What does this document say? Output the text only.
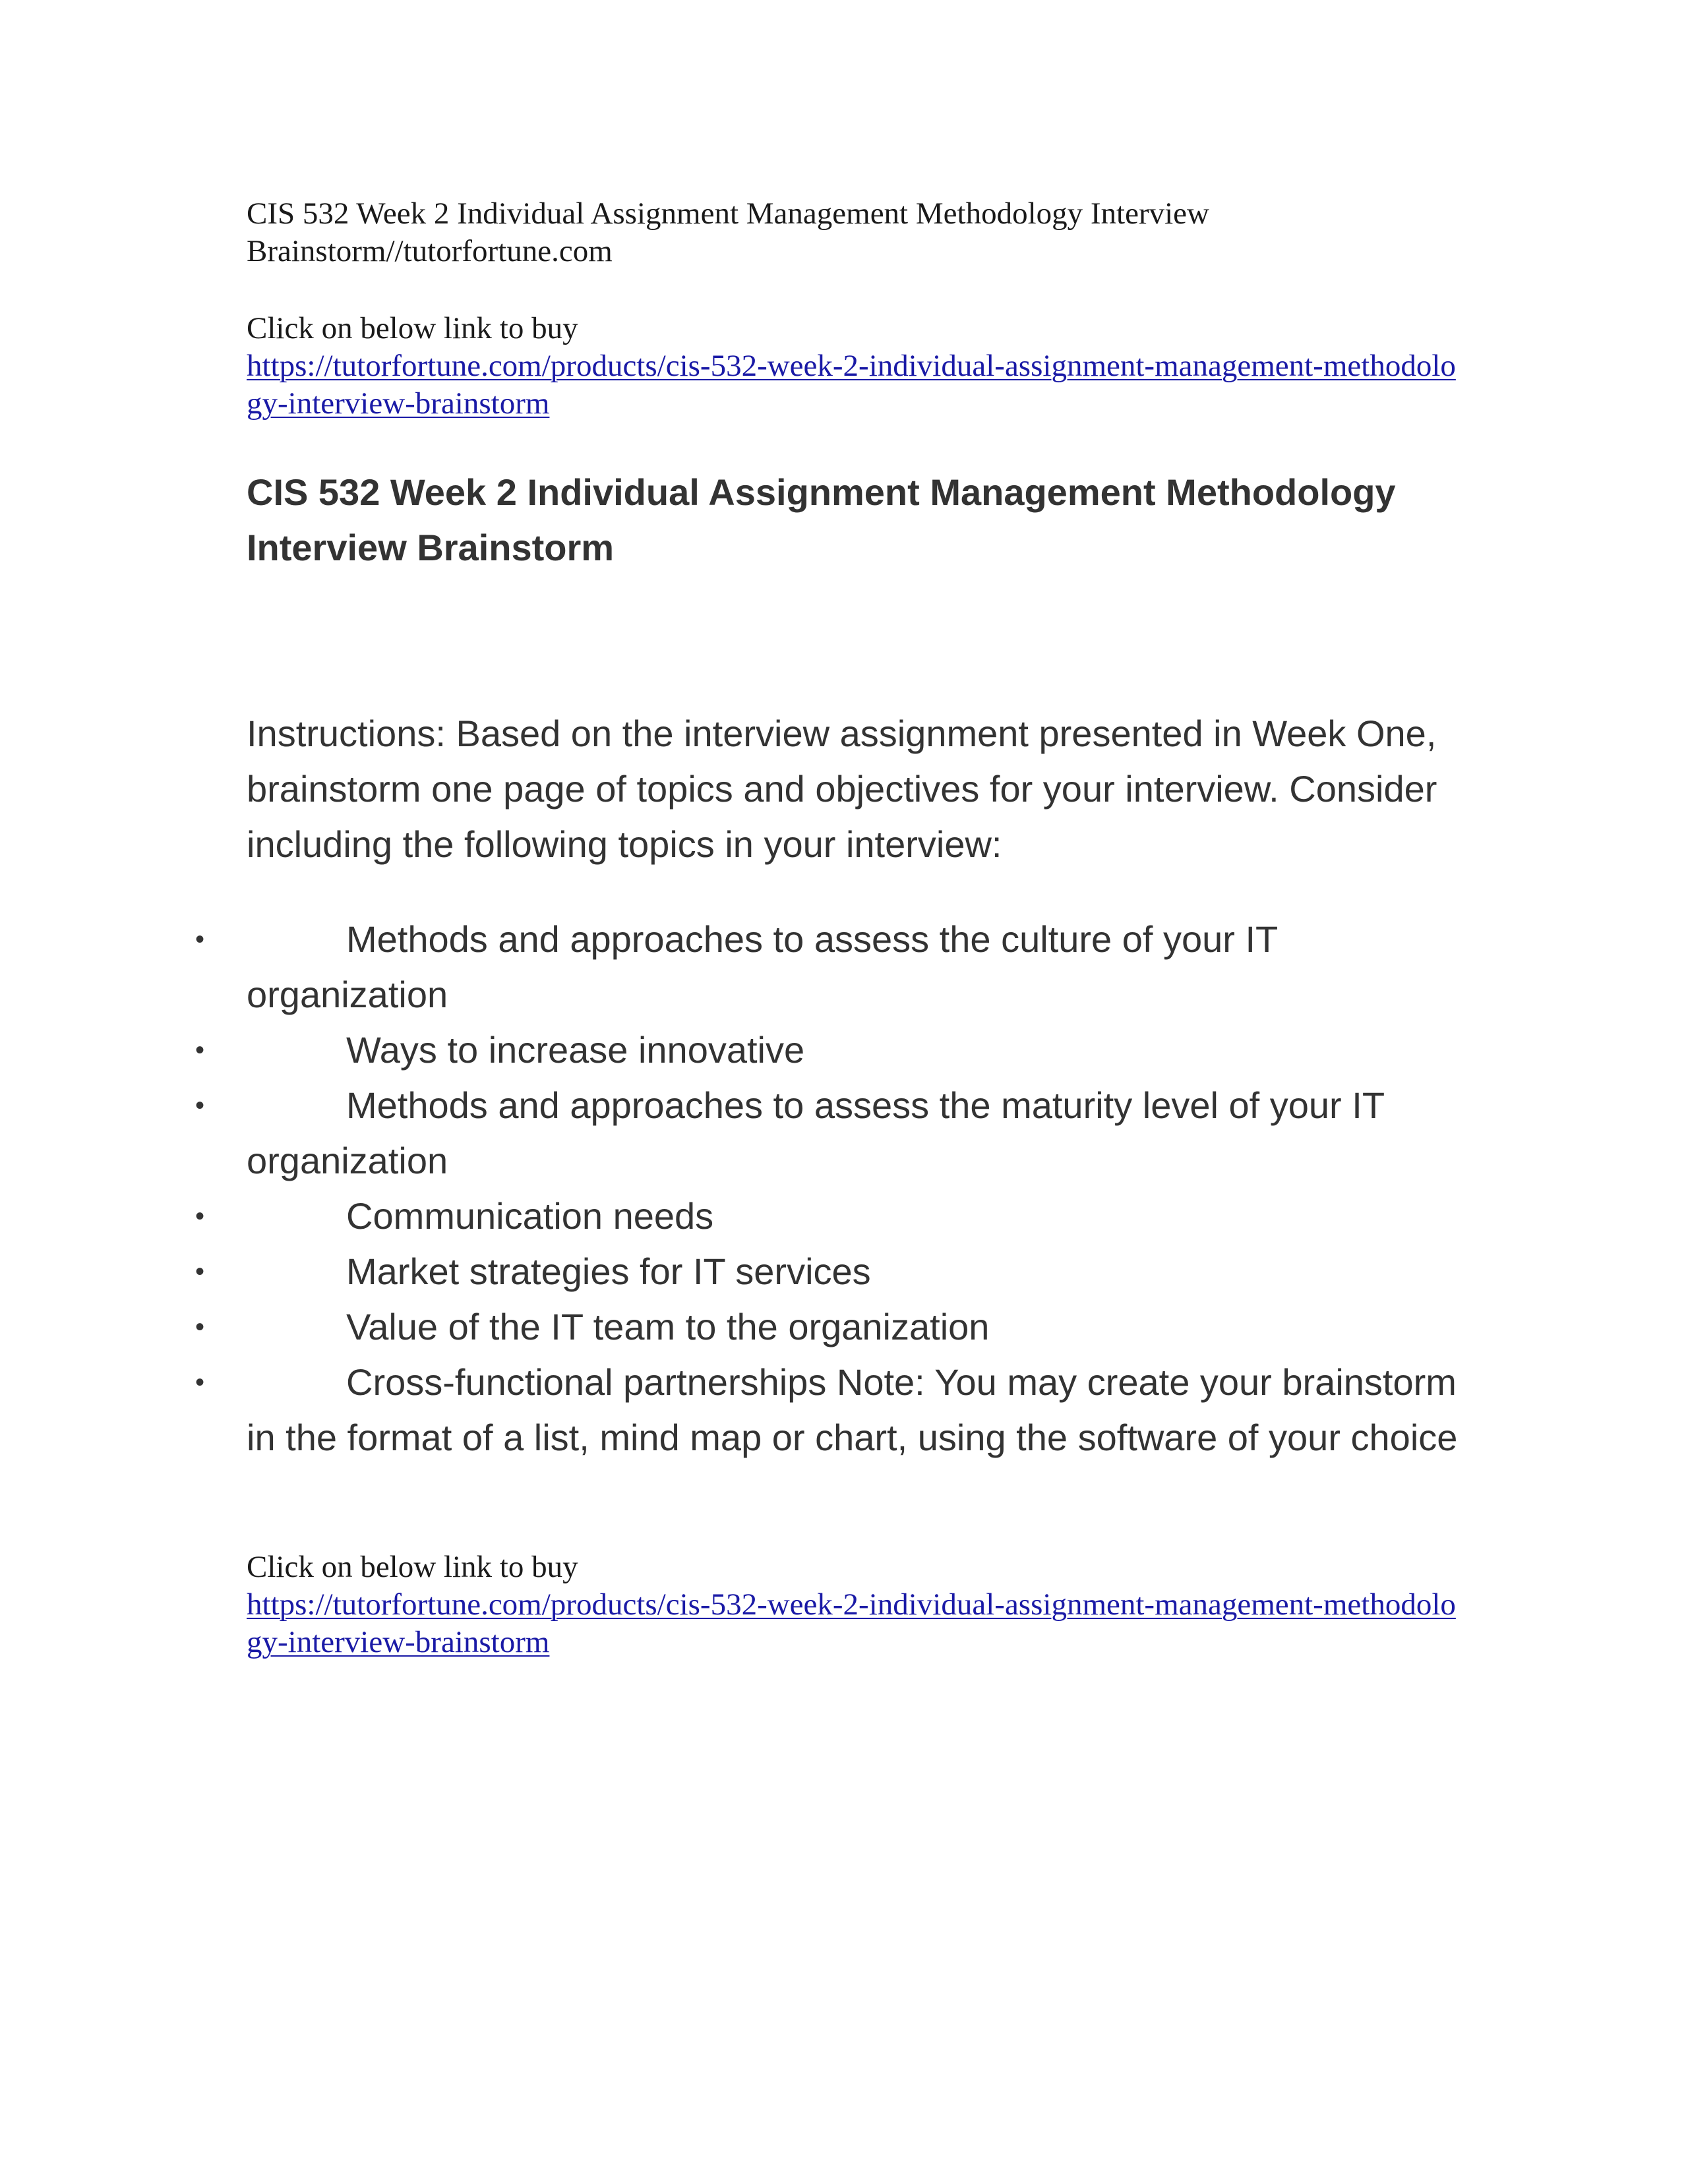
CIS 532 Week 2 Individual Assignment Management Methodology Interview Brainstorm//tutorfortune.com
Click on below link to buy
https://tutorfortune.com/products/cis-532-week-2-individual-assignment-management-methodology-interview-brainstorm
CIS 532 Week 2 Individual Assignment Management Methodology Interview Brainstorm
Instructions: Based on the interview assignment presented in Week One, brainstorm one page of topics and objectives for your interview. Consider including the following topics in your interview:
•	Methods and approaches to assess the culture of your IT organization
•	Ways to increase innovative
•	Methods and approaches to assess the maturity level of your IT organization
•	Communication needs
•	Market strategies for IT services
•	Value of the IT team to the organization
•	Cross-functional partnerships Note: You may create your brainstorm in the format of a list, mind map or chart, using the software of your choice
Click on below link to buy
https://tutorfortune.com/products/cis-532-week-2-individual-assignment-management-methodology-interview-brainstorm
